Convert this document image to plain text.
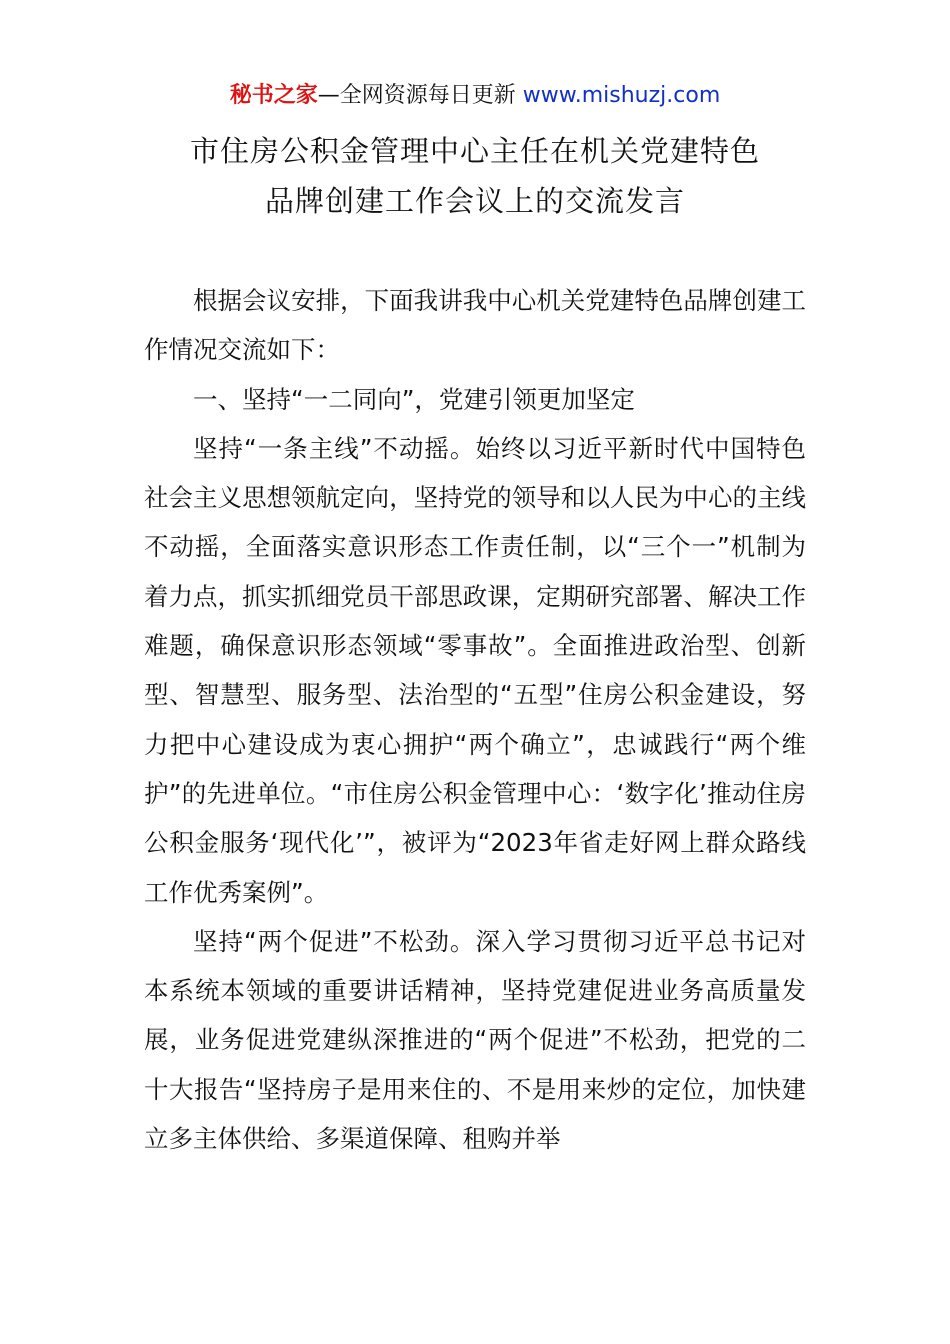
秘书之家—全网资源每日更新 www.mishuzj.com
市住房公积金管理中心主任在机关党建特色
品牌创建工作会议上的交流发言

根据会议安排，下面我讲我中心机关党建特色品牌创建工作情况交流如下：

一、坚持“一二同向”，党建引领更加坚定

坚持“一条主线”不动摇。始终以习近平新时代中国特色社会主义思想领航定向，坚持党的领导和以人民为中心的主线不动摇，全面落实意识形态工作责任制，以“三个一”机制为着力点，抓实抓细党员干部思政课，定期研究部署、解决工作难题，确保意识形态领域“零事故”。全面推进政治型、创新型、智慧型、服务型、法治型的“五型”住房公积金建设，努力把中心建设成为衷心拥护“两个确立”，忠诚践行“两个维护”的先进单位。“市住房公积金管理中心：‘数字化’推动住房公积金服务‘现代化’”，被评为“2023年省走好网上群众路线工作优秀案例”。

坚持“两个促进”不松劲。深入学习贯彻习近平总书记对本系统本领域的重要讲话精神，坚持党建促进业务高质量发展，业务促进党建纵深推进的“两个促进”不松劲，把党的二十大报告“坚持房子是用来住的、不是用来炒的定位，加快建立多主体供给、多渠道保障、租购并举
